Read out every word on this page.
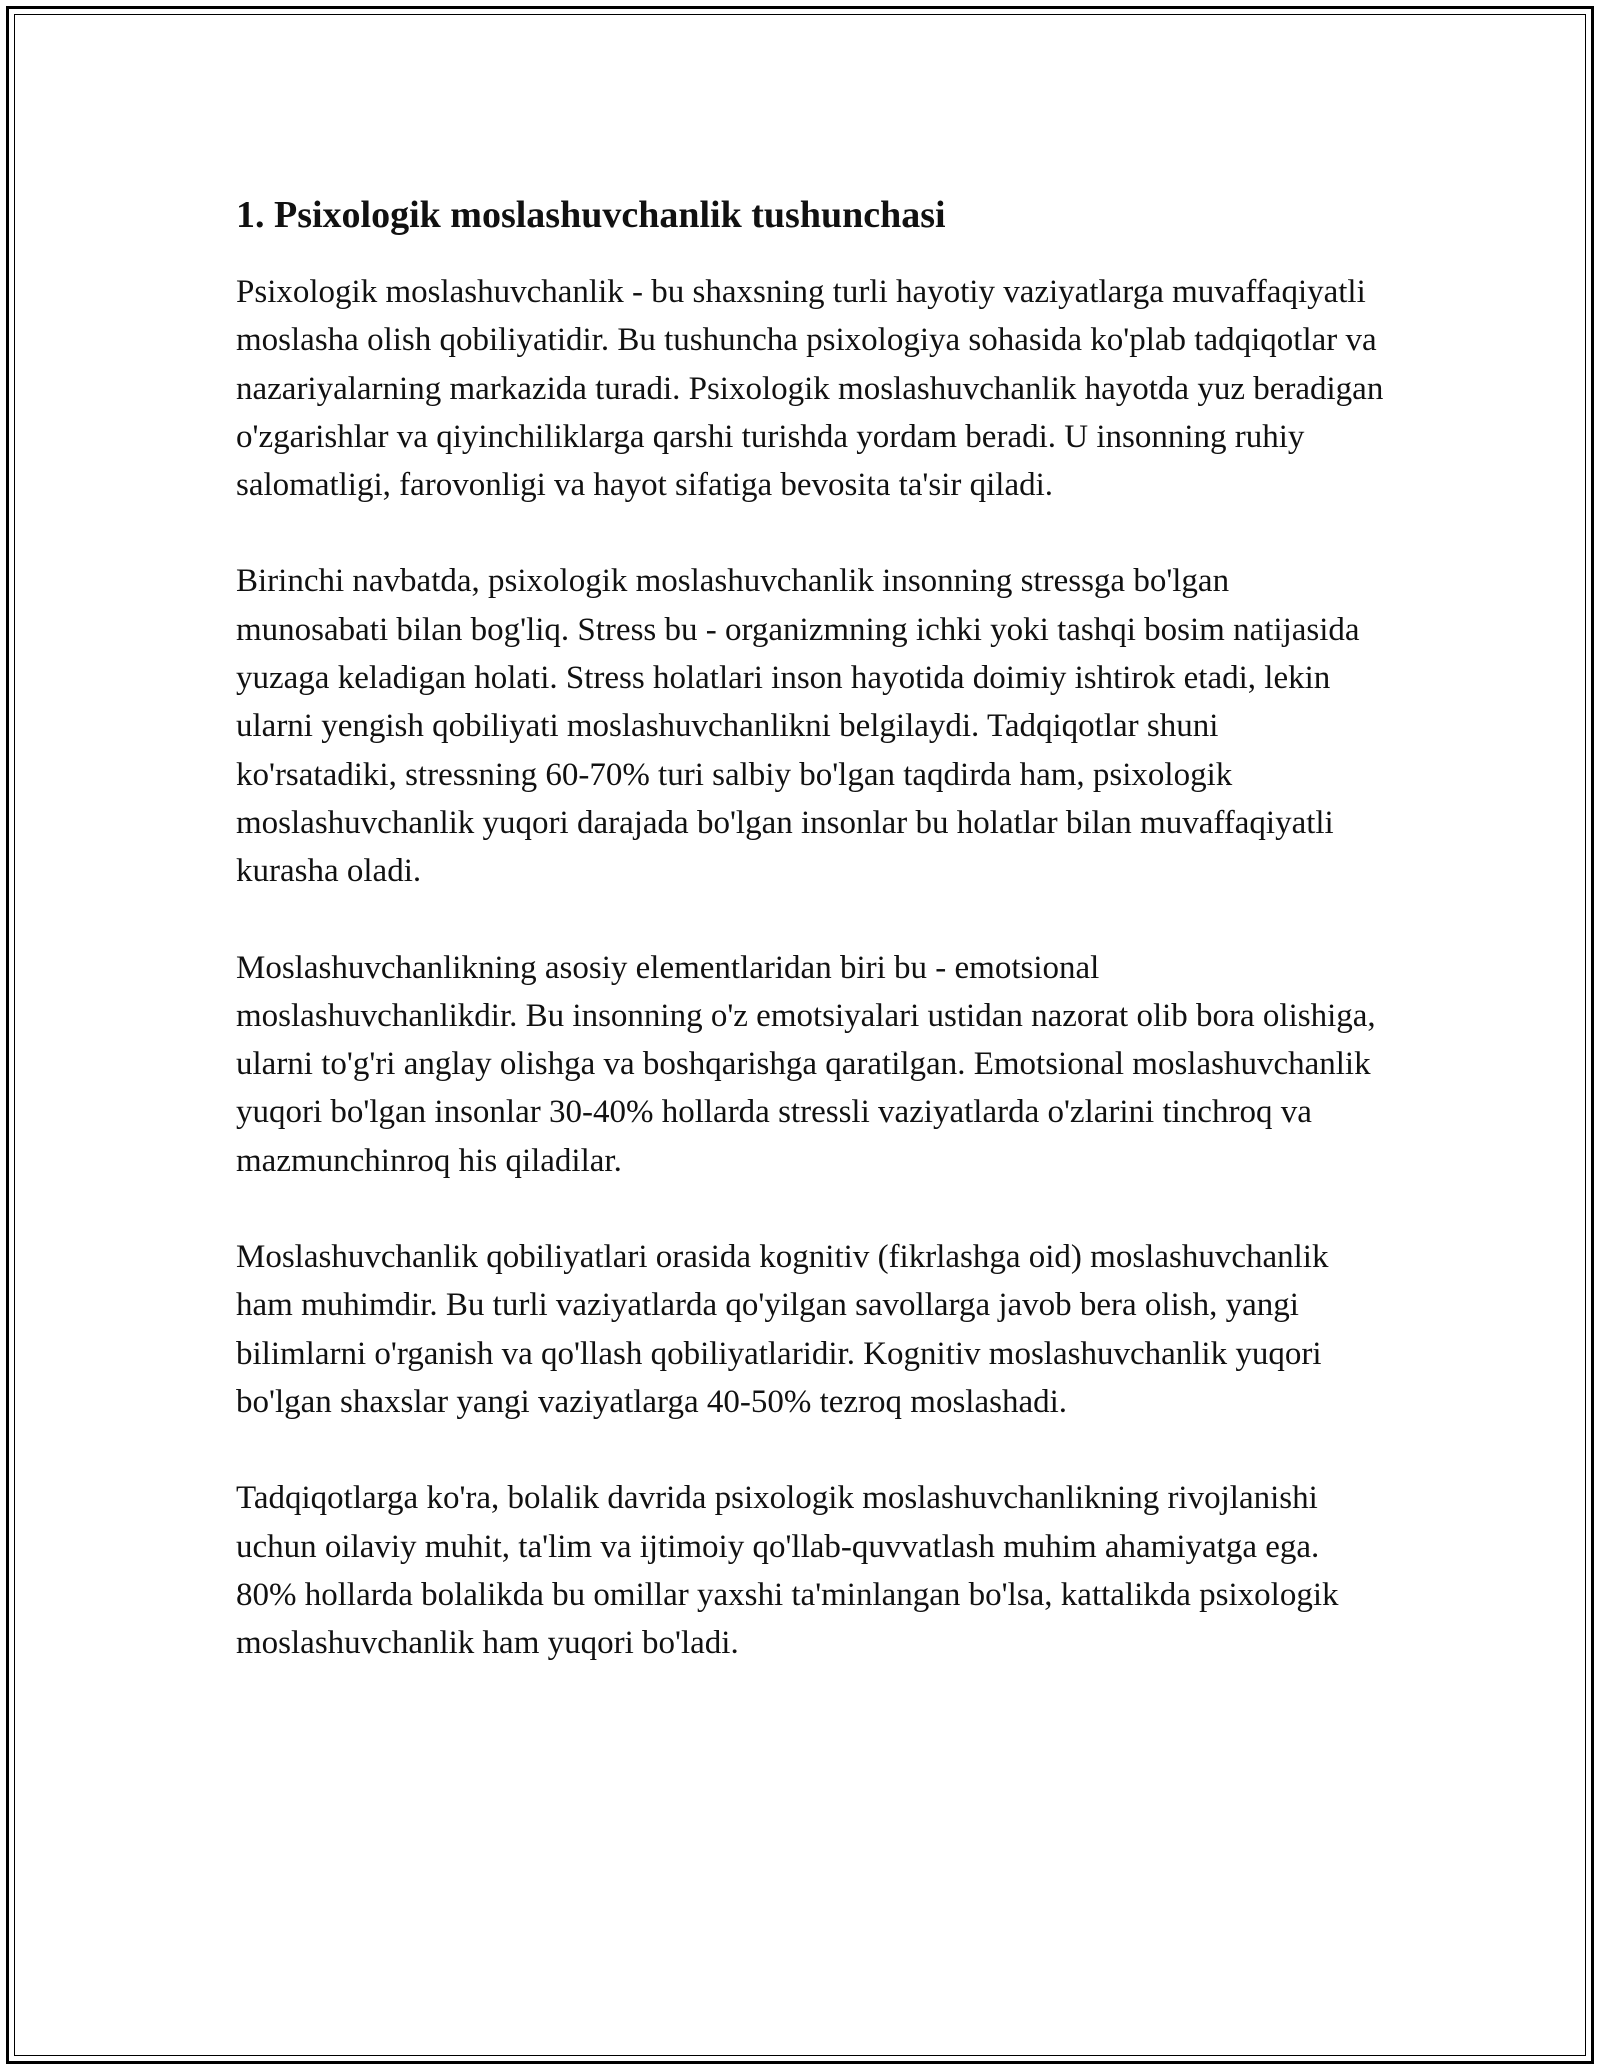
1. Psixologik moslashuvchanlik tushunchasi

Psixologik moslashuvchanlik - bu shaxsning turli hayotiy vaziyatlarga muvaffaqiyatli moslasha olish qobiliyatidir. Bu tushuncha psixologiya sohasida ko'plab tadqiqotlar va nazariyalarning markazida turadi. Psixologik moslashuvchanlik hayotda yuz beradigan o'zgarishlar va qiyinchiliklarga qarshi turishda yordam beradi. U insonning ruhiy salomatligi, farovonligi va hayot sifatiga bevosita ta'sir qiladi.

Birinchi navbatda, psixologik moslashuvchanlik insonning stressga bo'lgan munosabati bilan bog'liq. Stress bu - organizmning ichki yoki tashqi bosim natijasida yuzaga keladigan holati. Stress holatlari inson hayotida doimiy ishtirok etadi, lekin ularni yengish qobiliyati moslashuvchanlikni belgilaydi. Tadqiqotlar shuni ko'rsatadiki, stressning 60-70% turi salbiy bo'lgan taqdirda ham, psixologik moslashuvchanlik yuqori darajada bo'lgan insonlar bu holatlar bilan muvaffaqiyatli kurasha oladi.

Moslashuvchanlikning asosiy elementlaridan biri bu - emotsional moslashuvchanlikdir. Bu insonning o'z emotsiyalari ustidan nazorat olib bora olishiga, ularni to'g'ri anglay olishga va boshqarishga qaratilgan. Emotsional moslashuvchanlik yuqori bo'lgan insonlar 30-40% hollarda stressli vaziyatlarda o'zlarini tinchroq va mazmunchinroq his qiladilar.

Moslashuvchanlik qobiliyatlari orasida kognitiv (fikrlashga oid) moslashuvchanlik ham muhimdir. Bu turli vaziyatlarda qo'yilgan savollarga javob bera olish, yangi bilimlarni o'rganish va qo'llash qobiliyatlaridir. Kognitiv moslashuvchanlik yuqori bo'lgan shaxslar yangi vaziyatlarga 40-50% tezroq moslashadi.

Tadqiqotlarga ko'ra, bolalik davrida psixologik moslashuvchanlikning rivojlanishi uchun oilaviy muhit, ta'lim va ijtimoiy qo'llab-quvvatlash muhim ahamiyatga ega. 80% hollarda bolalikda bu omillar yaxshi ta'minlangan bo'lsa, kattalikda psixologik moslashuvchanlik ham yuqori bo'ladi.
